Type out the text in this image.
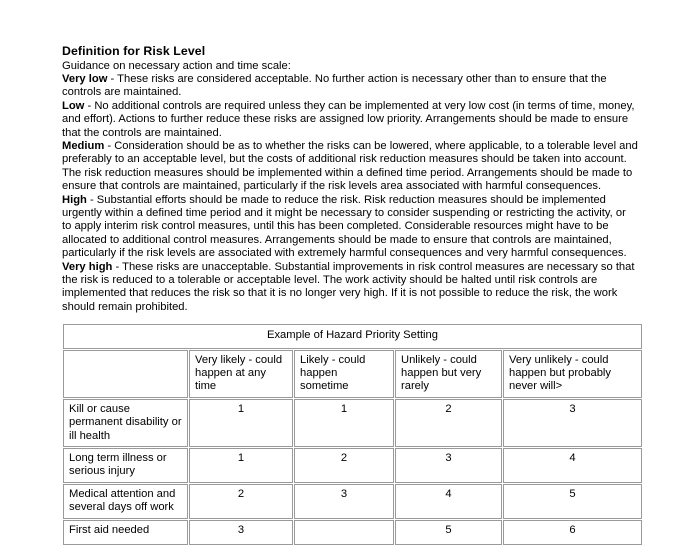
Definition for Risk Level

Guidance on necessary action and time scale:

Very low - These risks are considered acceptable. No further action is necessary other than to ensure that the controls are maintained.

Low - No additional controls are required unless they can be implemented at very low cost (in terms of time, money, and effort). Actions to further reduce these risks are assigned low priority. Arrangements should be made to ensure that the controls are maintained.

Medium - Consideration should be as to whether the risks can be lowered, where applicable, to a tolerable level and preferably to an acceptable level, but the costs of additional risk reduction measures should be taken into account. The risk reduction measures should be implemented within a defined time period. Arrangements should be made to ensure that controls are maintained, particularly if the risk levels area associated with harmful consequences.

High - Substantial efforts should be made to reduce the risk. Risk reduction measures should be implemented urgently within a defined time period and it might be necessary to consider suspending or restricting the activity, or to apply interim risk control measures, until this has been completed. Considerable resources might have to be allocated to additional control measures. Arrangements should be made to ensure that controls are maintained, particularly if the risk levels are associated with extremely harmful consequences and very harmful consequences.

Very high - These risks are unacceptable. Substantial improvements in risk control measures are necessary so that the risk is reduced to a tolerable or acceptable level. The work activity should be halted until risk controls are implemented that reduces the risk so that it is no longer very high. If it is not possible to reduce the risk, the work should remain prohibited.

Example of Hazard Priority Setting				
	Very likely - could happen at any time	Likely - could happen sometime	Unlikely - could happen but very rarely	Very unlikely - could happen but probably never will>
Kill or cause permanent disability or ill health	1	1	2	3
Long term illness or serious injury	1	2	3	4
Medical attention and several days off work	2	3	4	5
First aid needed	3		5	6
